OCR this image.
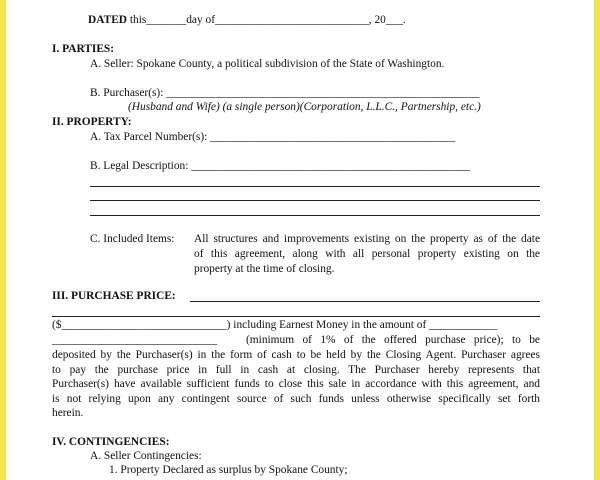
DATED this_______day of___________________________, 20___.
I. PARTIES:
A. Seller: Spokane County, a political subdivision of the State of Washington.
B. Purchaser(s): _______________________________________________________
(Husband and Wife) (a single person)(Corporation, L.L.C., Partnership, etc.)
II. PROPERTY:
A. Tax Parcel Number(s): ___________________________________________
B. Legal Description: _________________________________________________
C. Included Items: All structures and improvements existing on the property as of the date
of this agreement, along with all personal property existing on the
property at the time of closing.
III. PURCHASE PRICE:
($_____________________________) including Earnest Money in the amount of ____________
_____________________________	(minimum of 1% of the offered purchase price); to be
deposited by the Purchaser(s) in the form of cash to be held by the Closing Agent. Purchaser agrees
to pay the purchase price in full in cash at closing. The Purchaser hereby represents that
Purchaser(s) have available sufficient funds to close this sale in accordance with this agreement, and
is not relying upon any contingent source of such funds unless otherwise specifically set forth
herein.
IV. CONTINGENCIES:
A. Seller Contingencies:
1. Property Declared as surplus by Spokane County;
